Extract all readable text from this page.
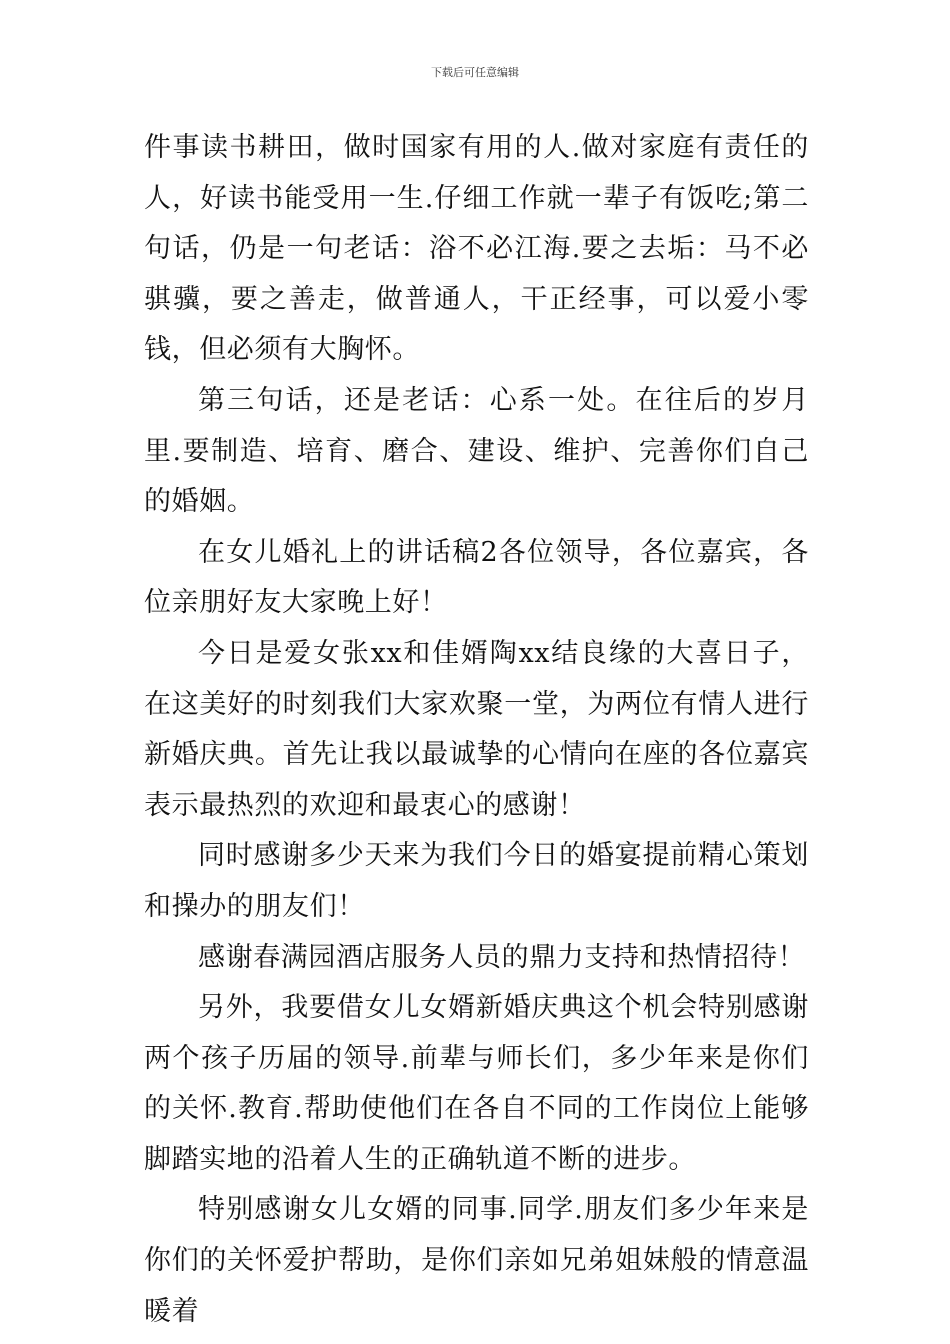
下载后可任意编辑

件事读书耕田，做时国家有用的人.做对家庭有责任的人，好读书能受用一生.仔细工作就一辈子有饭吃;第二句话，仍是一句老话：浴不必江海.要之去垢：马不必骐骥，要之善走，做普通人，干正经事，可以爱小零钱，但必须有大胸怀。

第三句话，还是老话：心系一处。在往后的岁月里.要制造、培育、磨合、建设、维护、完善你们自己的婚姻。

在女儿婚礼上的讲话稿2各位领导，各位嘉宾，各位亲朋好友大家晚上好！

今日是爱女张xx和佳婿陶xx结良缘的大喜日子，在这美好的时刻我们大家欢聚一堂，为两位有情人进行新婚庆典。首先让我以最诚挚的心情向在座的各位嘉宾表示最热烈的欢迎和最衷心的感谢！

同时感谢多少天来为我们今日的婚宴提前精心策划和操办的朋友们！

感谢春满园酒店服务人员的鼎力支持和热情招待！

另外，我要借女儿女婿新婚庆典这个机会特别感谢两个孩子历届的领导.前辈与师长们，多少年来是你们的关怀.教育.帮助使他们在各自不同的工作岗位上能够脚踏实地的沿着人生的正确轨道不断的进步。

特别感谢女儿女婿的同事.同学.朋友们多少年来是你们的关怀爱护帮助，是你们亲如兄弟姐妹般的情意温暖着
